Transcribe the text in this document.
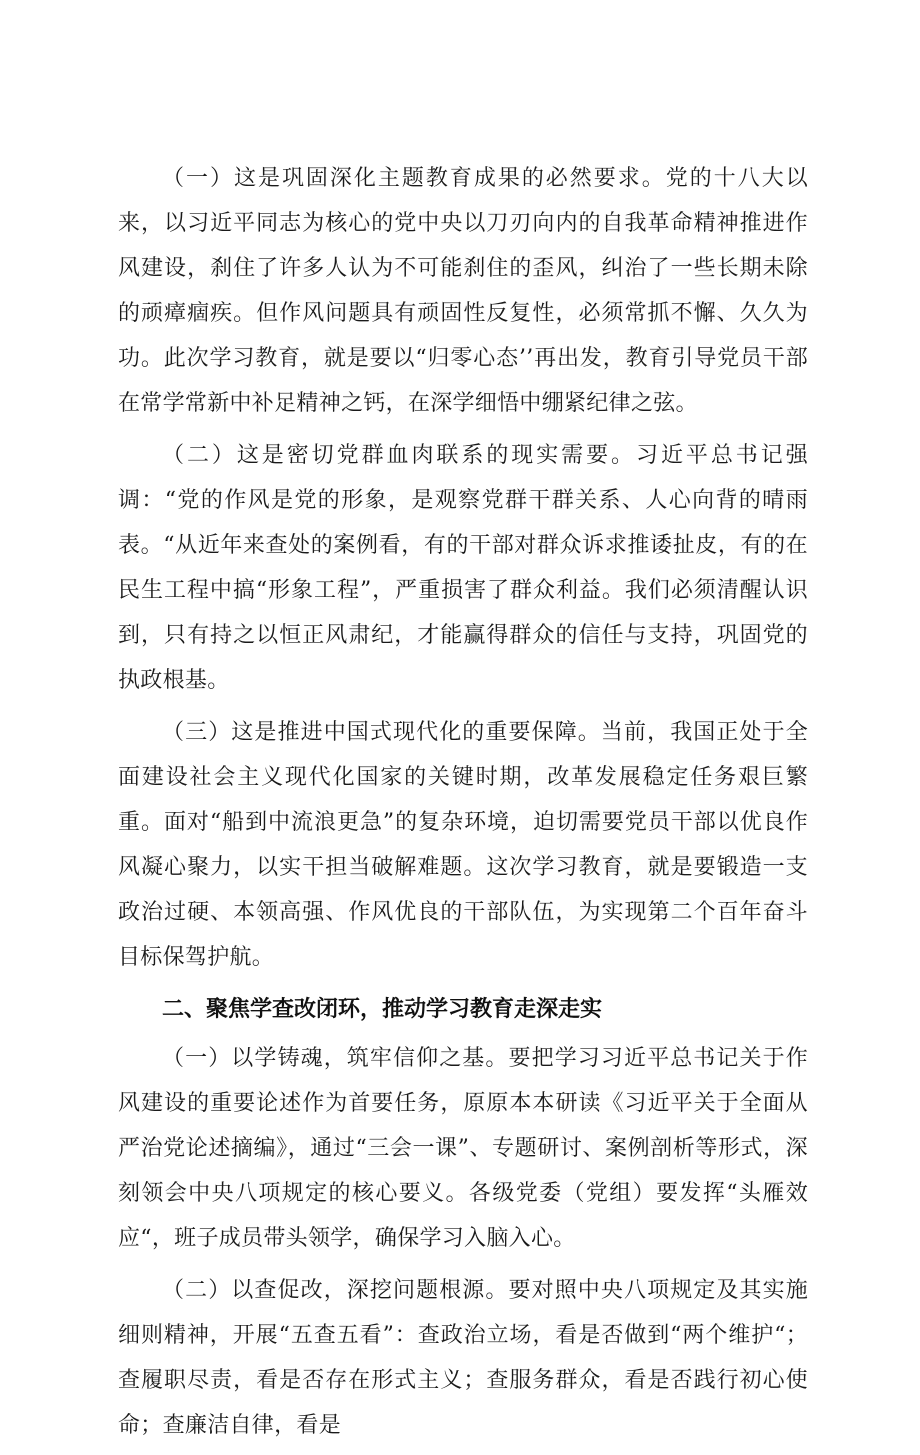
（一）这是巩固深化主题教育成果的必然要求。党的十八大以来，以习近平同志为核心的党中央以刀刃向内的自我革命精神推进作风建设，刹住了许多人认为不可能刹住的歪风，纠治了一些长期未除的顽瘴痼疾。但作风问题具有顽固性反复性，必须常抓不懈、久久为功。此次学习教育，就是要以“归零心态’’再出发，教育引导党员干部在常学常新中补足精神之钙，在深学细悟中绷紧纪律之弦。

（二）这是密切党群血肉联系的现实需要。习近平总书记强调：“党的作风是党的形象，是观察党群干群关系、人心向背的晴雨表。“从近年来查处的案例看，有的干部对群众诉求推诿扯皮，有的在民生工程中搞“形象工程”，严重损害了群众利益。我们必须清醒认识到，只有持之以恒正风肃纪，才能赢得群众的信任与支持，巩固党的执政根基。

（三）这是推进中国式现代化的重要保障。当前，我国正处于全面建设社会主义现代化国家的关键时期，改革发展稳定任务艰巨繁重。面对“船到中流浪更急”的复杂环境，迫切需要党员干部以优良作风凝心聚力，以实干担当破解难题。这次学习教育，就是要锻造一支政治过硬、本领高强、作风优良的干部队伍，为实现第二个百年奋斗目标保驾护航。

二、聚焦学查改闭环，推动学习教育走深走实

（一）以学铸魂，筑牢信仰之基。要把学习习近平总书记关于作风建设的重要论述作为首要任务，原原本本研读《习近平关于全面从严治党论述摘编》，通过“三会一课”、专题研讨、案例剖析等形式，深刻领会中央八项规定的核心要义。各级党委（党组）要发挥“头雁效应“，班子成员带头领学，确保学习入脑入心。

（二）以查促改，深挖问题根源。要对照中央八项规定及其实施细则精神，开展“五查五看”：查政治立场，看是否做到“两个维护“；查履职尽责，看是否存在形式主义；查服务群众，看是否践行初心使命；查廉洁自律，看是
